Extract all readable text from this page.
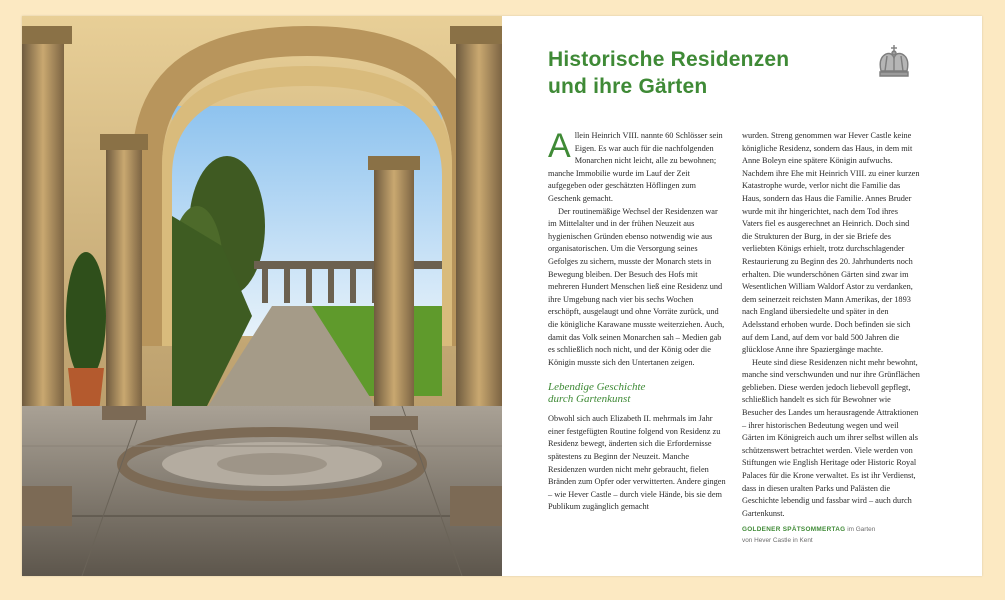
Historische Residenzen
und ihre Gärten

Allein Heinrich VIII. nannte 60 Schlösser sein Eigen. Es war auch für die nachfolgenden Monarchen nicht leicht, alle zu bewohnen; manche Immobilie wurde im Lauf der Zeit aufgegeben oder geschätzten Höflingen zum Geschenk gemacht.

Der routinemäßige Wechsel der Residenzen war im Mittelalter und in der frühen Neuzeit aus hygienischen Gründen ebenso notwendig wie aus organisatorischen. Um die Versorgung seines Gefolges zu sichern, musste der Monarch stets in Bewegung bleiben. Der Besuch des Hofs mit mehreren Hundert Menschen ließ eine Residenz und ihre Umgebung nach vier bis sechs Wochen erschöpft, ausgelaugt und ohne Vorräte zurück, und die königliche Karawane musste weiterziehen. Auch, damit das Volk seinen Monarchen sah – Medien gab es schließlich noch nicht, und der König oder die Königin musste sich den Untertanen zeigen.

Lebendige Geschichte
durch Gartenkunst

Obwohl sich auch Elizabeth II. mehrmals im Jahr einer festgefügten Routine folgend von Residenz zu Residenz bewegt, änderten sich die Erfordernisse spätestens zu Beginn der Neuzeit. Manche Residenzen wurden nicht mehr gebraucht, fielen Bränden zum Opfer oder verwitterten. Andere gingen – wie Hever Castle – durch viele Hände, bis sie dem Publikum zugänglich gemacht

wurden. Streng genommen war Hever Castle keine königliche Residenz, sondern das Haus, in dem mit Anne Boleyn eine spätere Königin aufwuchs. Nachdem ihre Ehe mit Heinrich VIII. zu einer kurzen Katastrophe wurde, verlor nicht die Familie das Haus, sondern das Haus die Familie. Annes Bruder wurde mit ihr hingerichtet, nach dem Tod ihres Vaters fiel es ausgerechnet an Heinrich. Doch sind die Strukturen der Burg, in der sie Briefe des verliebten Königs erhielt, trotz durchschlagender Restaurierung zu Beginn des 20. Jahrhunderts noch erhalten. Die wunderschönen Gärten sind zwar im Wesentlichen William Waldorf Astor zu verdanken, dem seinerzeit reichsten Mann Amerikas, der 1893 nach England übersiedelte und später in den Adelsstand erhoben wurde. Doch befinden sie sich auf dem Land, auf dem vor bald 500 Jahren die glücklose Anne ihre Spaziergänge machte.

Heute sind diese Residenzen nicht mehr bewohnt, manche sind verschwunden und nur ihre Grünflächen geblieben. Diese werden jedoch liebevoll gepflegt, schließlich handelt es sich für Bewohner wie Besucher des Landes um herausragende Attraktionen – ihrer historischen Bedeutung wegen und weil Gärten im Königreich auch um ihrer selbst willen als schützenswert betrachtet werden. Viele werden von Stiftungen wie English Heritage oder Historic Royal Palaces für die Krone verwaltet. Es ist ihr Verdienst, dass in diesen uralten Parks und Palästen die Geschichte lebendig und fassbar wird – auch durch Gartenkunst.

GOLDENER SPÄTSOMMERTAG im Garten
von Hever Castle in Kent
